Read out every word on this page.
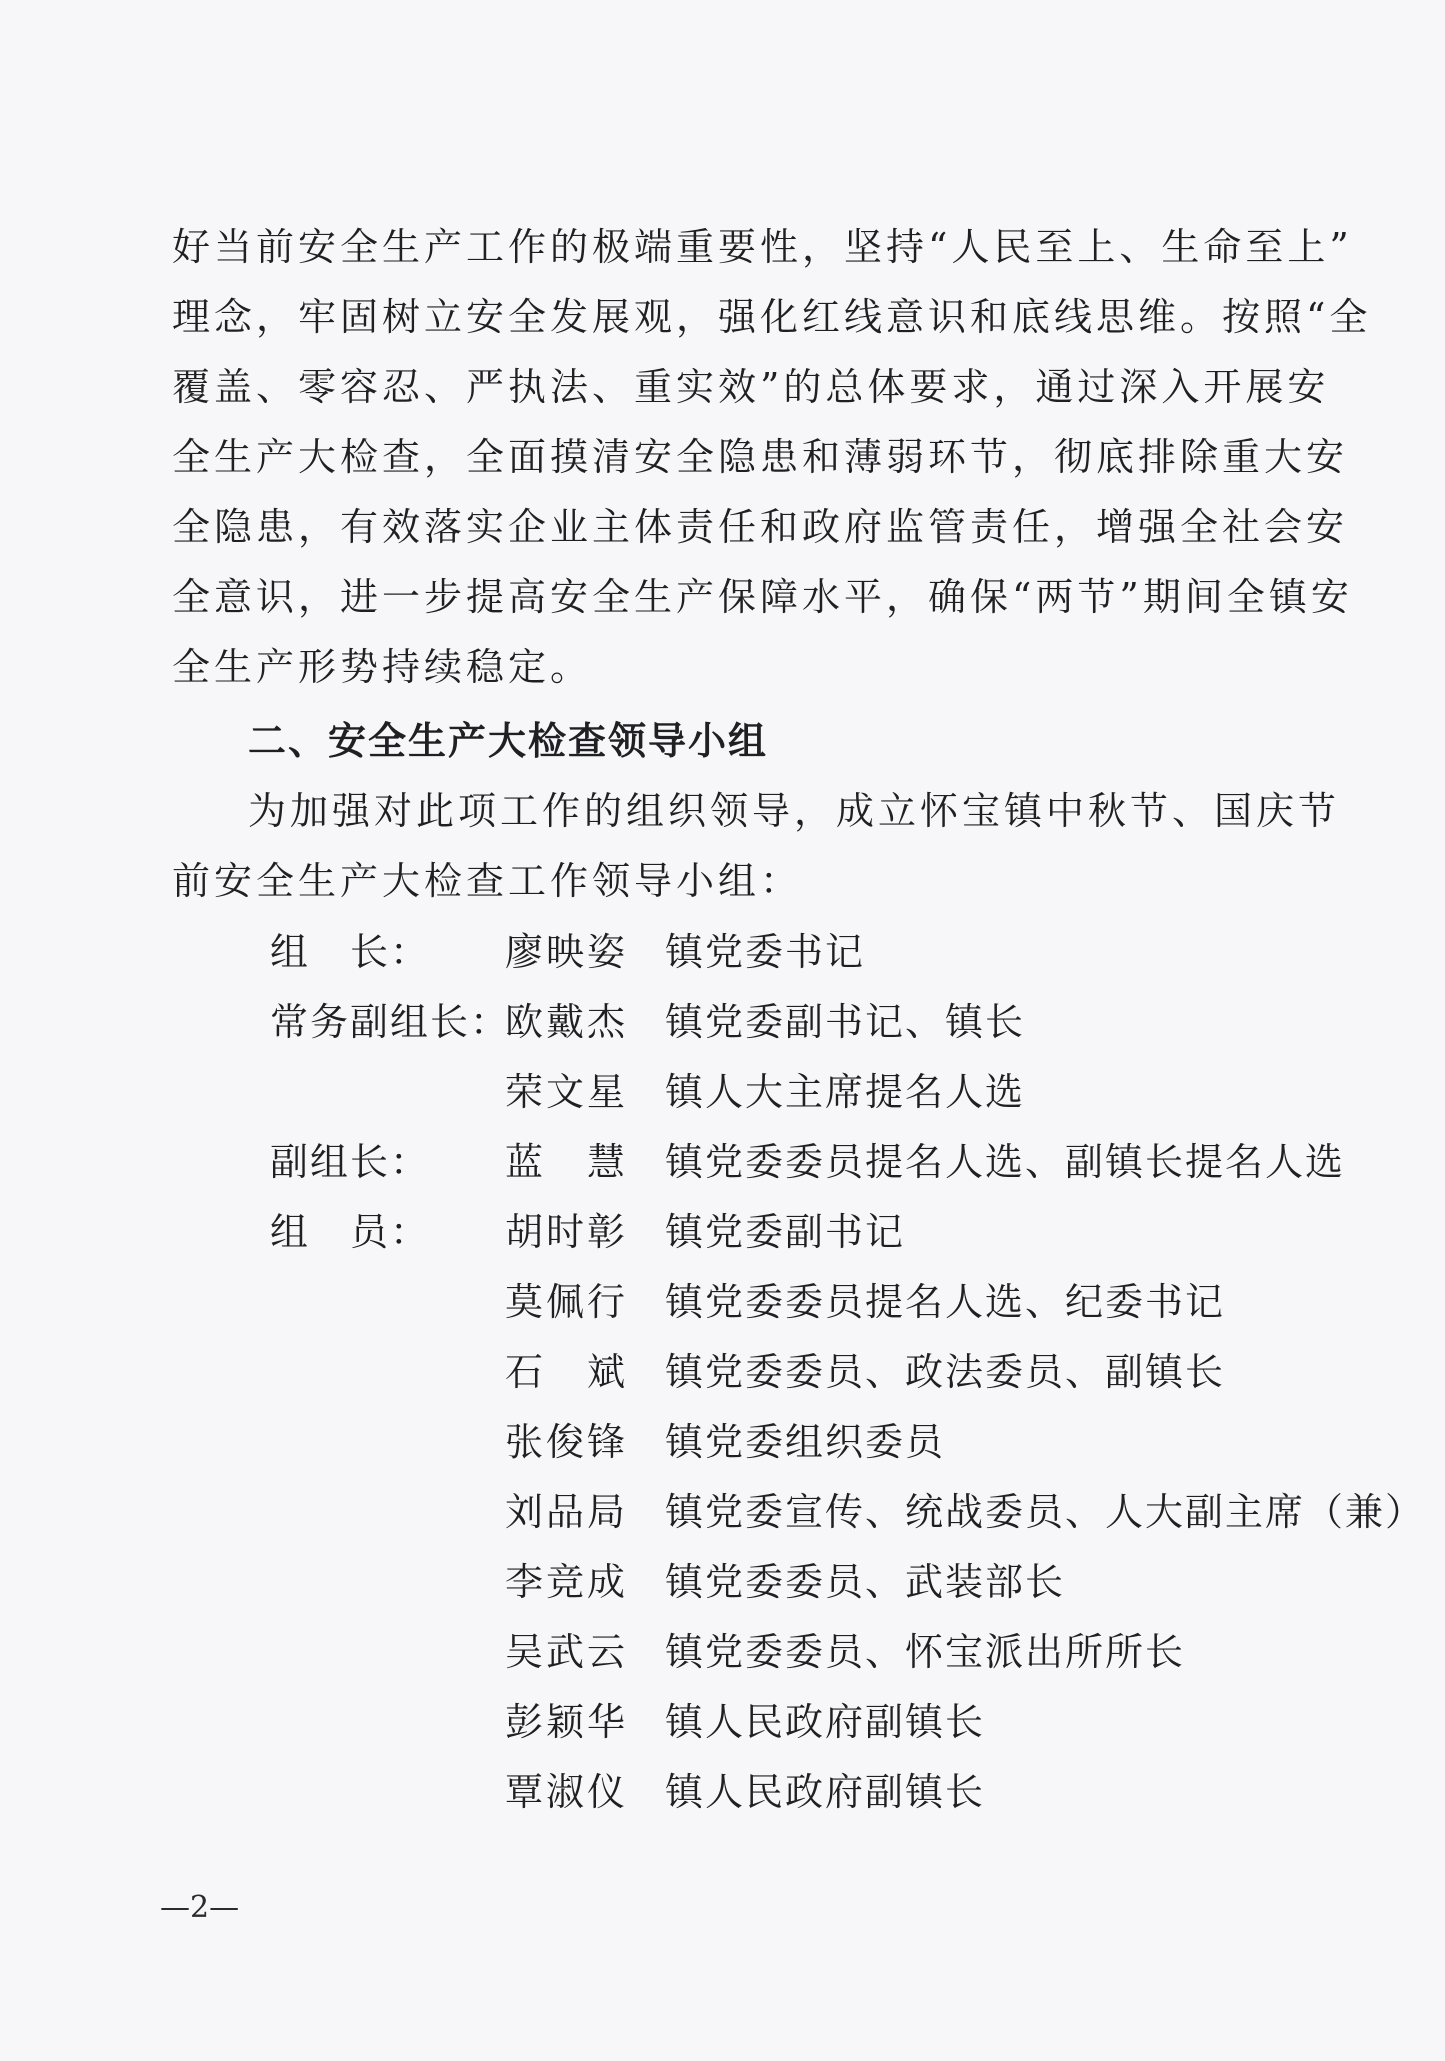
好当前安全生产工作的极端重要性，坚持“人民至上、生命至上”
理念，牢固树立安全发展观，强化红线意识和底线思维。按照“全
覆盖、零容忍、严执法、重实效”的总体要求，通过深入开展安
全生产大检查，全面摸清安全隐患和薄弱环节，彻底排除重大安
全隐患，有效落实企业主体责任和政府监管责任，增强全社会安
全意识，进一步提高安全生产保障水平，确保“两节”期间全镇安
全生产形势持续稳定。
二、安全生产大检查领导小组
为加强对此项工作的组织领导，成立怀宝镇中秋节、国庆节
前安全生产大检查工作领导小组：
组　长： 廖映姿 镇党委书记
常务副组长：
欧戴杰 镇党委副书记、镇长
荣文星 镇人大主席提名人选
副组长： 蓝　慧 镇党委委员提名人选、副镇长提名人选
组　员： 胡时彰 镇党委副书记
莫佩行 镇党委委员提名人选、纪委书记
石　斌 镇党委委员、政法委员、副镇长
张俊锋 镇党委组织委员
刘品局 镇党委宣传、统战委员、人大副主席（兼）
李竞成 镇党委委员、武装部长
吴武云 镇党委委员、怀宝派出所所长
彭颖华 镇人民政府副镇长
覃淑仪 镇人民政府副镇长
—2—
